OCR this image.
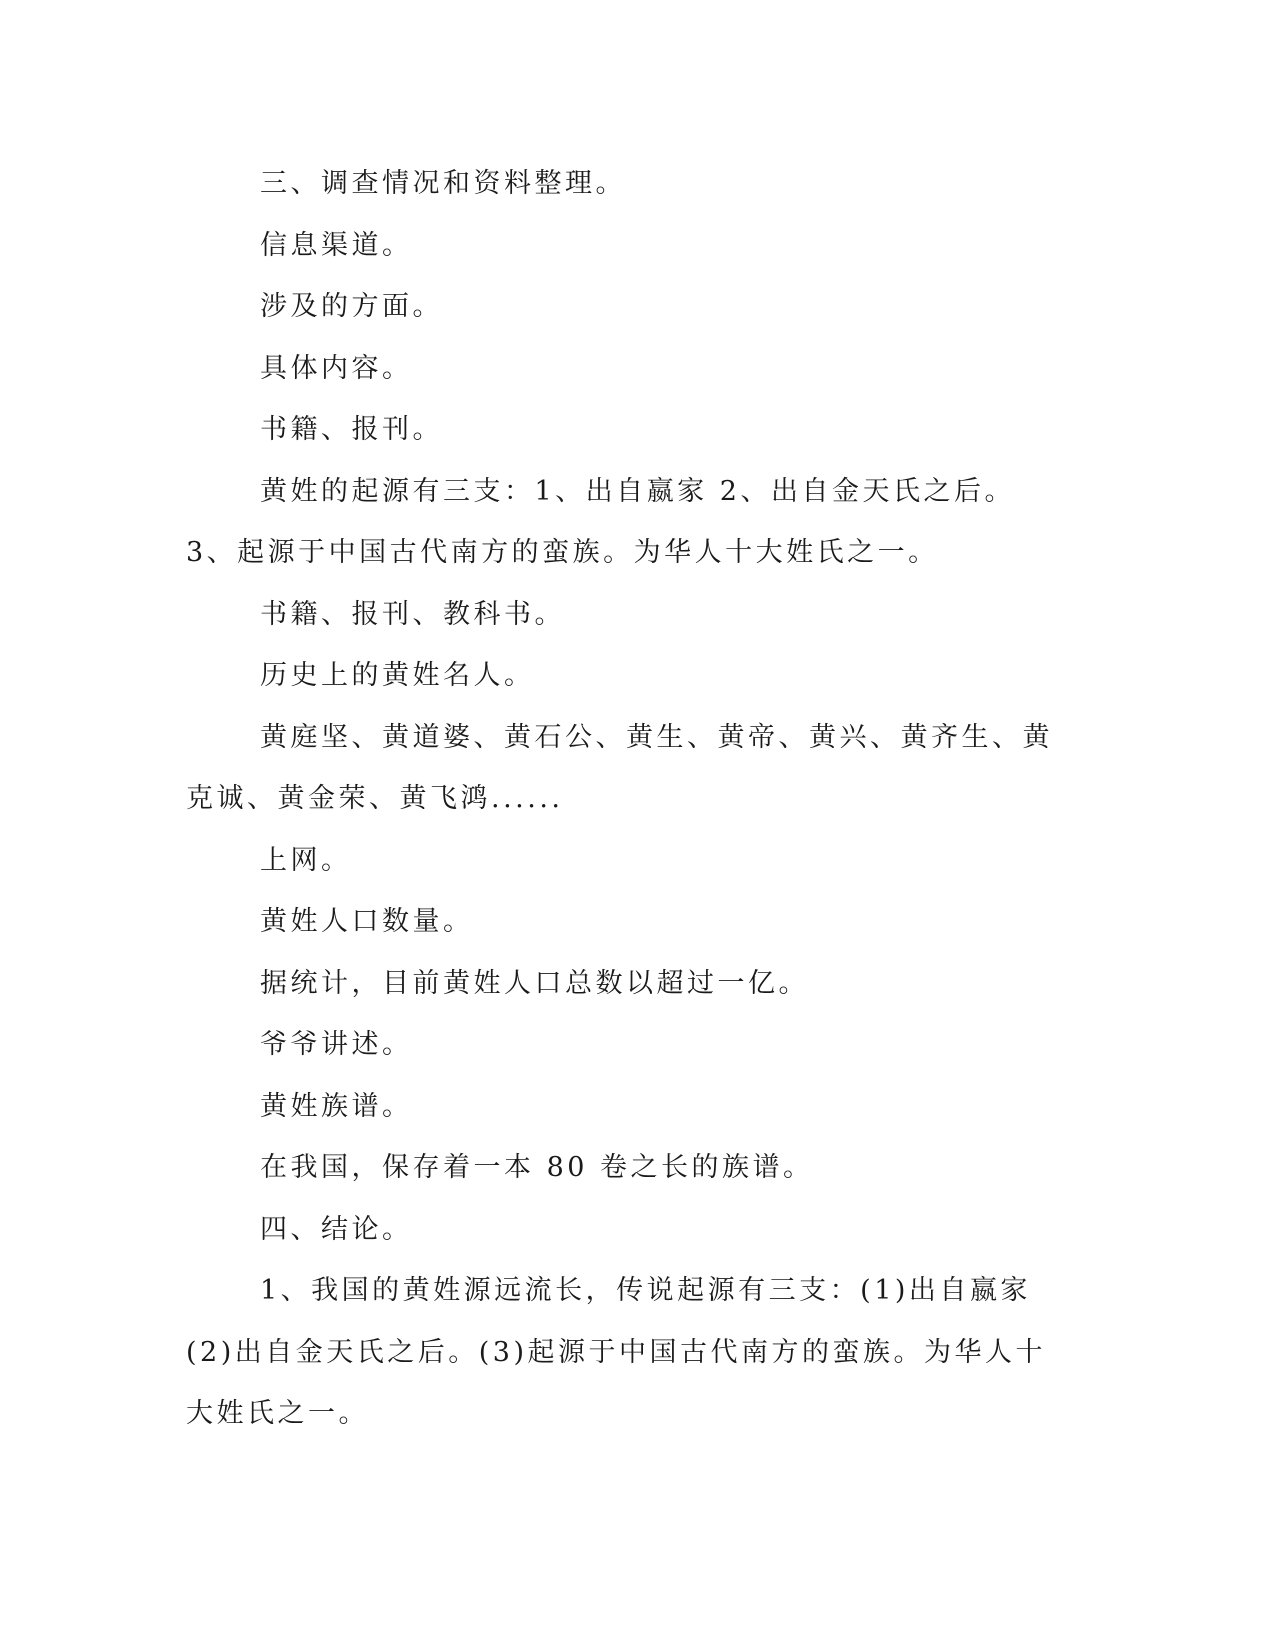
三、调查情况和资料整理。

信息渠道。

涉及的方面。

具体内容。

书籍、报刊。

黄姓的起源有三支：1、出自嬴家 2、出自金天氏之后。3、起源于中国古代南方的蛮族。为华人十大姓氏之一。

书籍、报刊、教科书。

历史上的黄姓名人。

黄庭坚、黄道婆、黄石公、黄生、黄帝、黄兴、黄齐生、黄克诚、黄金荣、黄飞鸿......

上网。

黄姓人口数量。

据统计，目前黄姓人口总数以超过一亿。

爷爷讲述。

黄姓族谱。

在我国，保存着一本 80 卷之长的族谱。

四、结论。

1、我国的黄姓源远流长，传说起源有三支：(1)出自嬴家(2)出自金天氏之后。(3)起源于中国古代南方的蛮族。为华人十大姓氏之一。
